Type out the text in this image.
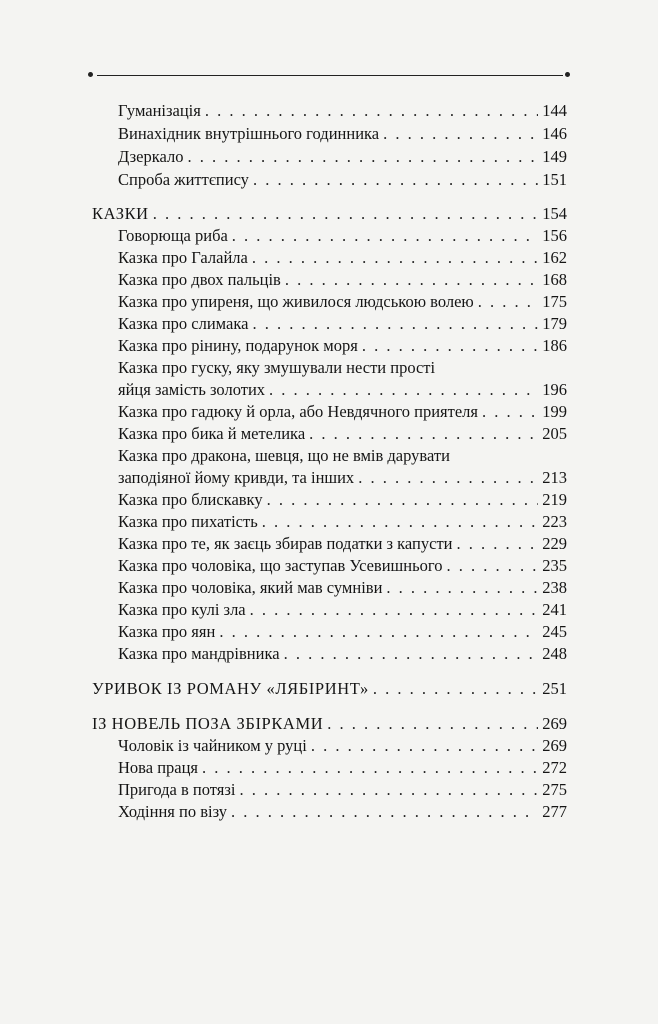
Гуманізація . . .	144
Винахідник внутрішнього годинника . . .	146
Дзеркало . . .	149
Спроба життєпису . . .	151
КАЗКИ . . .	154
Говорюща риба . . .	156
Казка про Галайла . . .	162
Казка про двох пальців . . .	168
Казка про упиреня, що живилося людською волею . . .	175
Казка про слимака . . .	179
Казка про рінину, подарунок моря . . .	186
Казка про гуску, яку змушували нести прості
яйця замість золотих . . .	196
Казка про гадюку й орла, або Невдячного приятеля . . .	199
Казка про бика й метелика . . .	205
Казка про дракона, шевця, що не вмів дарувати
заподіяної йому кривди, та інших . . .	213
Казка про блискавку . . .	219
Казка про пихатість . . .	223
Казка про те, як заєць збирав податки з капусти . . .	229
Казка про чоловіка, що заступав Усевишнього . . .	235
Казка про чоловіка, який мав сумніви . . .	238
Казка про кулі зла . . .	241
Казка про яян . . .	245
Казка про мандрівника . . .	248
УРИВОК ІЗ РОМАНУ «ЛЯБІРИНТ» . . .	251
ІЗ НОВЕЛЬ ПОЗА ЗБІРКАМИ . . .	269
Чоловік із чайником у руці . . .	269
Нова праця . . .	272
Пригода в потязі . . .	275
Ходіння по візу . . .	277
